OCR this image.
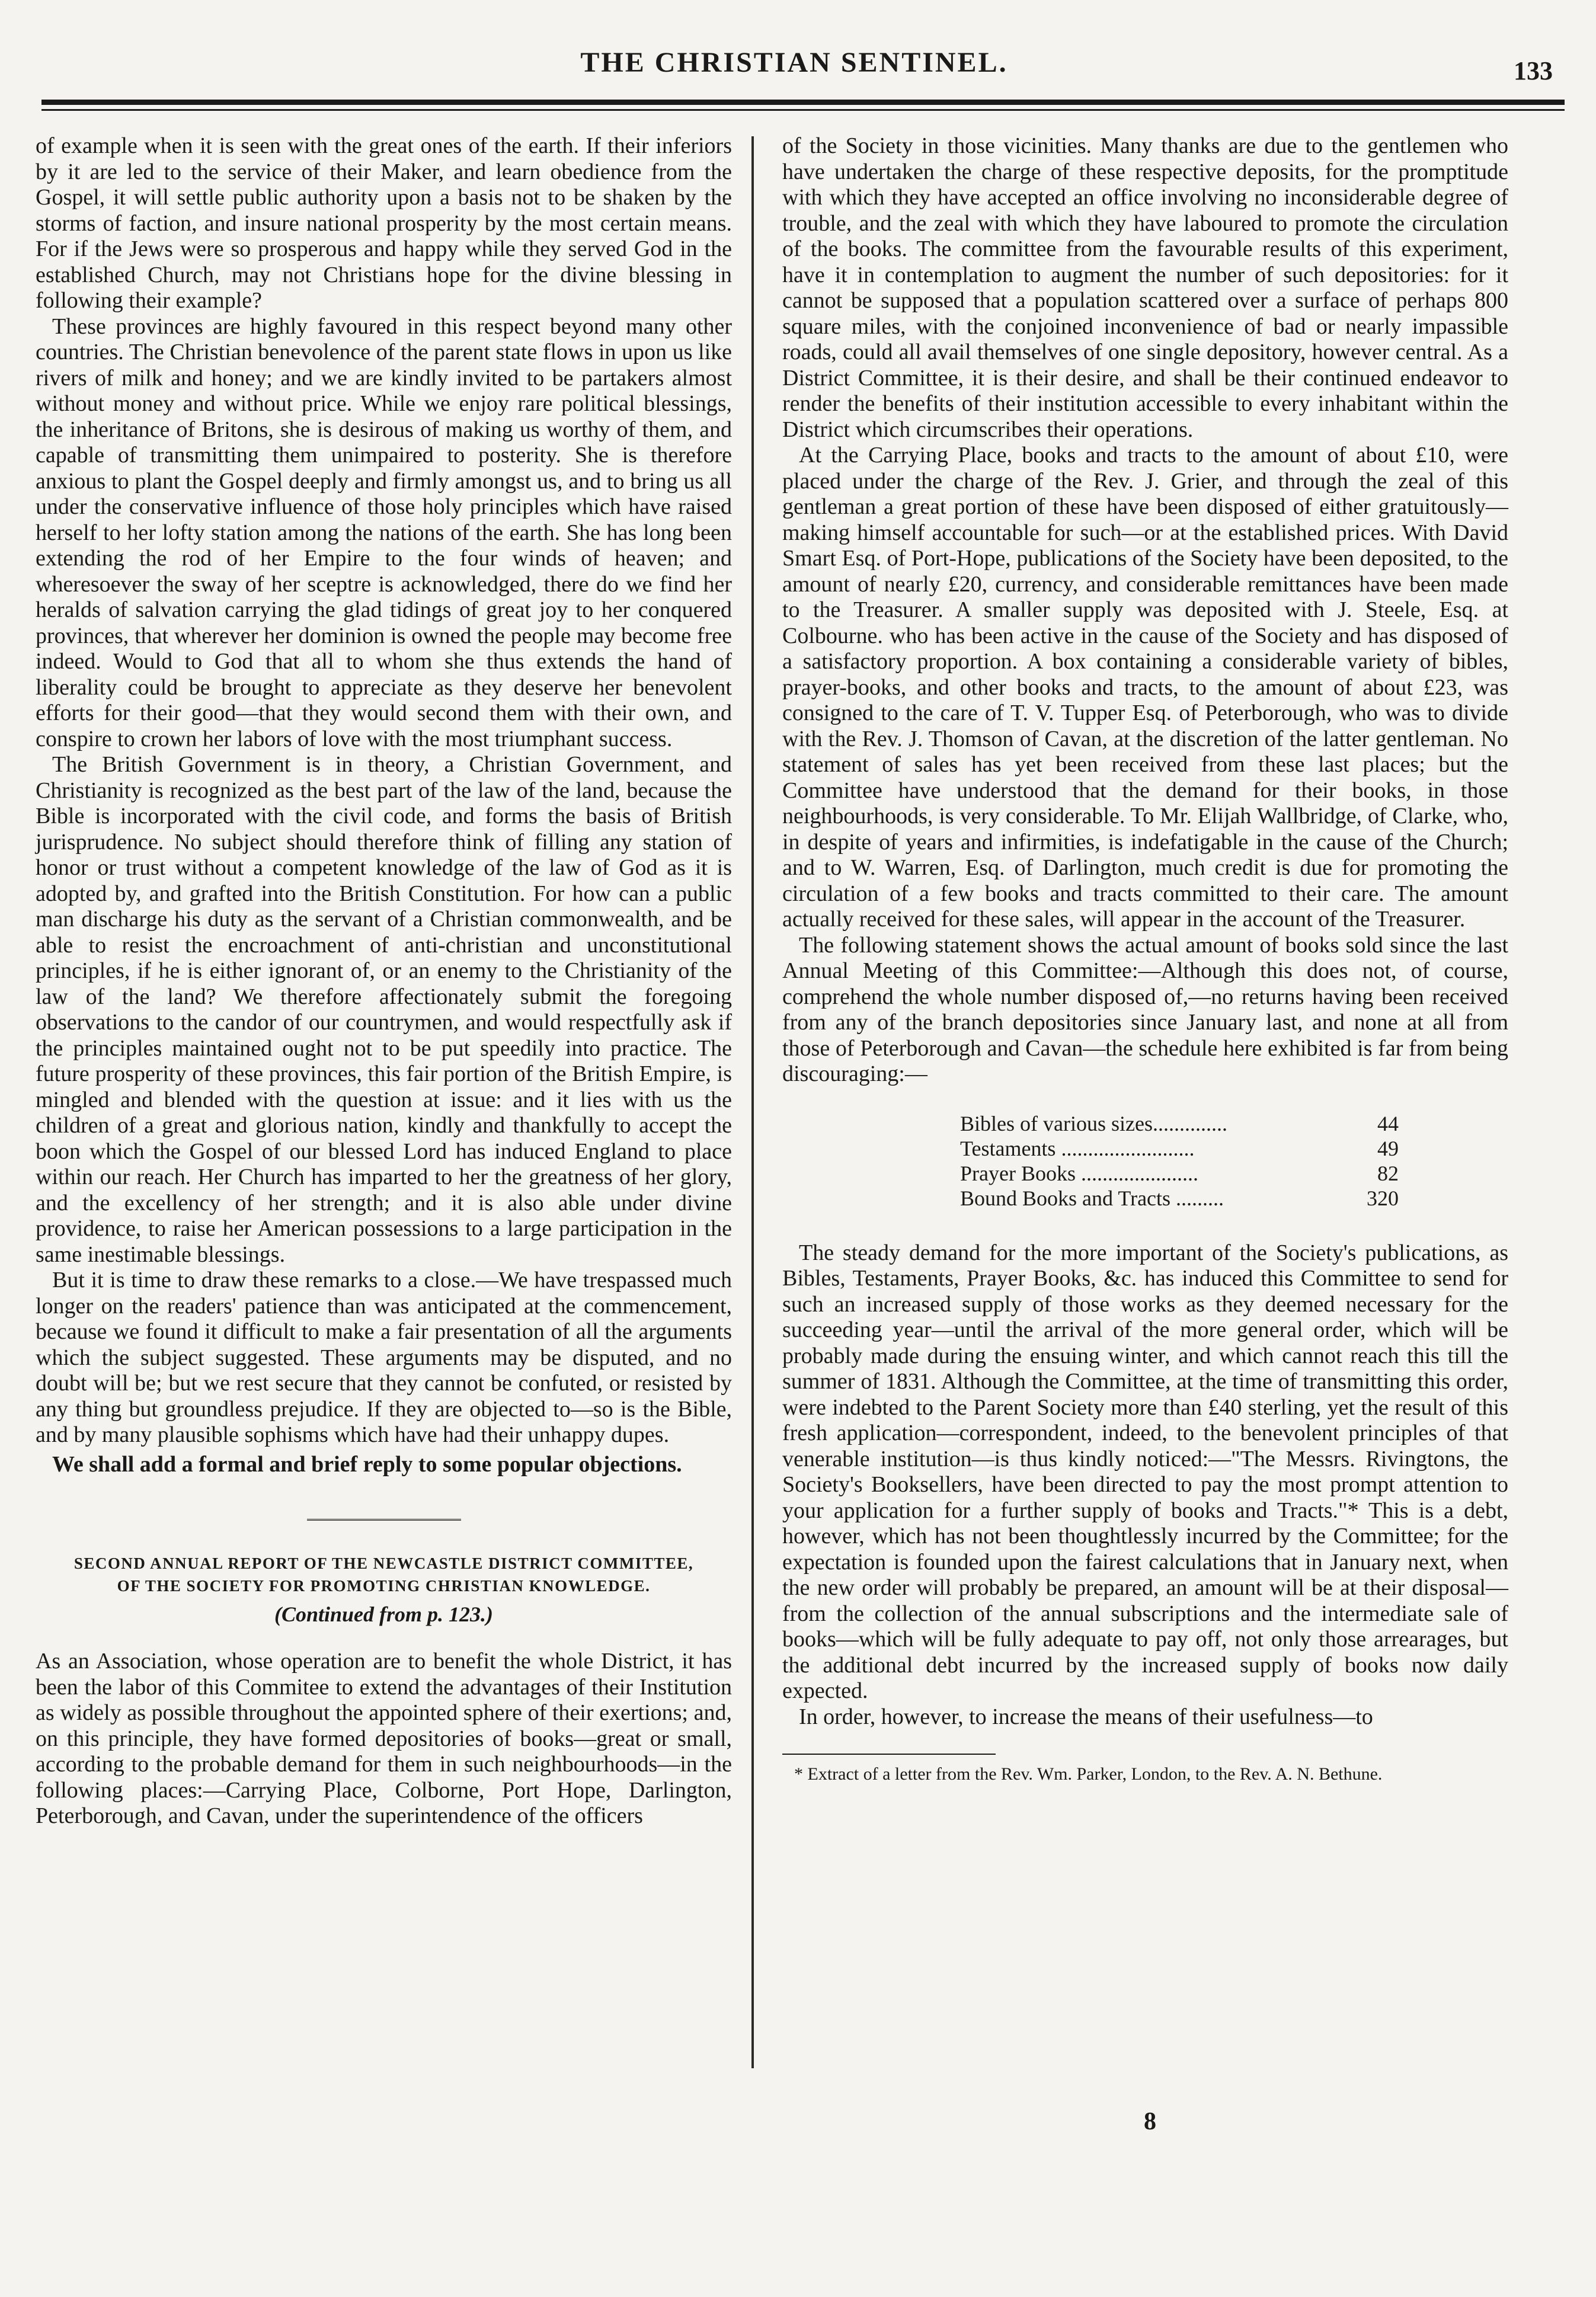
THE CHRISTIAN SENTINEL.	133

of example when it is seen with the great ones of the earth. If their inferiors by it are led to the service of their Maker, and learn obedience from the Gospel, it will settle public authority upon a basis not to be shaken by the storms of faction, and insure national prosperity by the most certain means. For if the Jews were so prosperous and happy while they served God in the established Church, may not Christians hope for the divine blessing in following their example?

These provinces are highly favoured in this respect beyond many other countries. The Christian benevolence of the parent state flows in upon us like rivers of milk and honey; and we are kindly invited to be partakers almost without money and without price. While we enjoy rare political blessings, the inheritance of Britons, she is desirous of making us worthy of them, and capable of transmitting them unimpaired to posterity. She is therefore anxious to plant the Gospel deeply and firmly amongst us, and to bring us all under the conservative influence of those holy principles which have raised herself to her lofty station among the nations of the earth. She has long been extending the rod of her Empire to the four winds of heaven; and wheresoever the sway of her sceptre is acknowledged, there do we find her heralds of salvation carrying the glad tidings of great joy to her conquered provinces, that wherever her dominion is owned the people may become free indeed. Would to God that all to whom she thus extends the hand of liberality could be brought to appreciate as they deserve her benevolent efforts for their good—that they would second them with their own, and conspire to crown her labors of love with the most triumphant success.

The British Government is in theory, a Christian Government, and Christianity is recognized as the best part of the law of the land, because the Bible is incorporated with the civil code, and forms the basis of British jurisprudence. No subject should therefore think of filling any station of honor or trust without a competent knowledge of the law of God as it is adopted by, and grafted into the British Constitution. For how can a public man discharge his duty as the servant of a Christian commonwealth, and be able to resist the encroachment of anti-christian and unconstitutional principles, if he is either ignorant of, or an enemy to the Christianity of the law of the land? We therefore affectionately submit the foregoing observations to the candor of our countrymen, and would respectfully ask if the principles maintained ought not to be put speedily into practice. The future prosperity of these provinces, this fair portion of the British Empire, is mingled and blended with the question at issue: and it lies with us the children of a great and glorious nation, kindly and thankfully to accept the boon which the Gospel of our blessed Lord has induced England to place within our reach. Her Church has imparted to her the greatness of her glory, and the excellency of her strength; and it is also able under divine providence, to raise her American possessions to a large participation in the same inestimable blessings.

But it is time to draw these remarks to a close.—We have trespassed much longer on the readers' patience than was anticipated at the commencement, because we found it difficult to make a fair presentation of all the arguments which the subject suggested. These arguments may be disputed, and no doubt will be; but we rest secure that they cannot be confuted, or resisted by any thing but groundless prejudice. If they are objected to—so is the Bible, and by many plausible sophisms which have had their unhappy dupes.

We shall add a formal and brief reply to some popular objections.

SECOND ANNUAL REPORT OF THE NEWCASTLE DISTRICT COMMITTEE,
OF THE SOCIETY FOR PROMOTING CHRISTIAN KNOWLEDGE.
(Continued from p. 123.)

As an Association, whose operation are to benefit the whole District, it has been the labor of this Commitee to extend the advantages of their Institution as widely as possible throughout the appointed sphere of their exertions; and, on this principle, they have formed depositories of books—great or small, according to the probable demand for them in such neighbourhoods—in the following places:—Carrying Place, Colborne, Port Hope, Darlington, Peterborough, and Cavan, under the superintendence of the officers

of the Society in those vicinities. Many thanks are due to the gentlemen who have undertaken the charge of these respective deposits, for the promptitude with which they have accepted an office involving no inconsiderable degree of trouble, and the zeal with which they have laboured to promote the circulation of the books. The committee from the favourable results of this experiment, have it in contemplation to augment the number of such depositories: for it cannot be supposed that a population scattered over a surface of perhaps 800 square miles, with the conjoined inconvenience of bad or nearly impassible roads, could all avail themselves of one single depository, however central. As a District Committee, it is their desire, and shall be their continued endeavor to render the benefits of their institution accessible to every inhabitant within the District which circumscribes their operations.

At the Carrying Place, books and tracts to the amount of about £10, were placed under the charge of the Rev. J. Grier, and through the zeal of this gentleman a great portion of these have been disposed of either gratuitously—making himself accountable for such—or at the established prices. With David Smart Esq. of Port-Hope, publications of the Society have been deposited, to the amount of nearly £20, currency, and considerable remittances have been made to the Treasurer. A smaller supply was deposited with J. Steele, Esq. at Colbourne. who has been active in the cause of the Society and has disposed of a satisfactory proportion. A box containing a considerable variety of bibles, prayer-books, and other books and tracts, to the amount of about £23, was consigned to the care of T. V. Tupper Esq. of Peterborough, who was to divide with the Rev. J. Thomson of Cavan, at the discretion of the latter gentleman. No statement of sales has yet been received from these last places; but the Committee have understood that the demand for their books, in those neighbourhoods, is very considerable. To Mr. Elijah Wallbridge, of Clarke, who, in despite of years and infirmities, is indefatigable in the cause of the Church; and to W. Warren, Esq. of Darlington, much credit is due for promoting the circulation of a few books and tracts committed to their care. The amount actually received for these sales, will appear in the account of the Treasurer.

The following statement shows the actual amount of books sold since the last Annual Meeting of this Committee:—Although this does not, of course, comprehend the whole number disposed of,—no returns having been received from any of the branch depositories since January last, and none at all from those of Peterborough and Cavan—the schedule here exhibited is far from being discouraging:—

Bibles of various sizes..............	44
Testaments .........................	49
Prayer Books ......................	82
Bound Books and Tracts .........	320

The steady demand for the more important of the Society's publications, as Bibles, Testaments, Prayer Books, &c. has induced this Committee to send for such an increased supply of those works as they deemed necessary for the succeeding year—until the arrival of the more general order, which will be probably made during the ensuing winter, and which cannot reach this till the summer of 1831. Although the Committee, at the time of transmitting this order, were indebted to the Parent Society more than £40 sterling, yet the result of this fresh application—correspondent, indeed, to the benevolent principles of that venerable institution—is thus kindly noticed:—"The Messrs. Rivingtons, the Society's Booksellers, have been directed to pay the most prompt attention to your application for a further supply of books and Tracts."* This is a debt, however, which has not been thoughtlessly incurred by the Committee; for the expectation is founded upon the fairest calculations that in January next, when the new order will probably be prepared, an amount will be at their disposal—from the collection of the annual subscriptions and the intermediate sale of books—which will be fully adequate to pay off, not only those arrearages, but the additional debt incurred by the increased supply of books now daily expected.

In order, however, to increase the means of their usefulness—to

* Extract of a letter from the Rev. Wm. Parker, London, to the Rev. A. N. Bethune.
8
